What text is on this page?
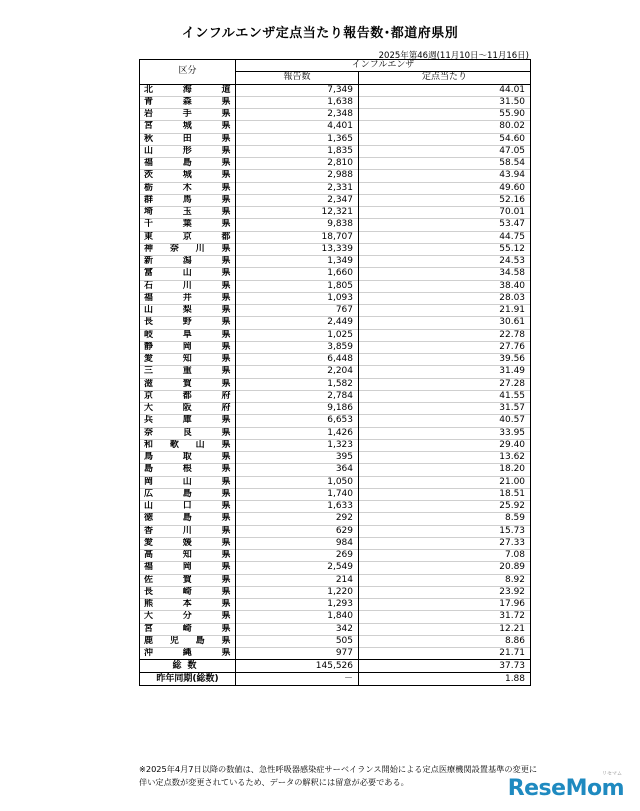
インフルエンザ定点当たり報告数･都道府県別
2025年第46週(11月10日～11月16日)
区分	インフルエンザ	
	報告数	定点当たり
北海道	7,349	44.01
青森県	1,638	31.50
岩手県	2,348	55.90
宮城県	4,401	80.02
秋田県	1,365	54.60
山形県	1,835	47.05
福島県	2,810	58.54
茨城県	2,988	43.94
栃木県	2,331	49.60
群馬県	2,347	52.16
埼玉県	12,321	70.01
千葉県	9,838	53.47
東京都	18,707	44.75
神奈川県	13,339	55.12
新潟県	1,349	24.53
富山県	1,660	34.58
石川県	1,805	38.40
福井県	1,093	28.03
山梨県	767	21.91
長野県	2,449	30.61
岐阜県	1,025	22.78
静岡県	3,859	27.76
愛知県	6,448	39.56
三重県	2,204	31.49
滋賀県	1,582	27.28
京都府	2,784	41.55
大阪府	9,186	31.57
兵庫県	6,653	40.57
奈良県	1,426	33.95
和歌山県	1,323	29.40
鳥取県	395	13.62
島根県	364	18.20
岡山県	1,050	21.00
広島県	1,740	18.51
山口県	1,633	25.92
徳島県	292	8.59
香川県	629	15.73
愛媛県	984	27.33
高知県	269	7.08
福岡県	2,549	20.89
佐賀県	214	8.92
長崎県	1,220	23.92
熊本県	1,293	17.96
大分県	1,840	31.72
宮崎県	342	12.21
鹿児島県	505	8.86
沖縄県	977	21.71
総数	145,526	37.73
昨年同期(総数)	－	1.88
※2025年4月7日以降の数値は、急性呼吸器感染症サーベイランス開始による定点医療機関設置基準の変更に伴い定点数が変更されているため、データの解釈には留意が必要である。	ReseMom
リセマム
